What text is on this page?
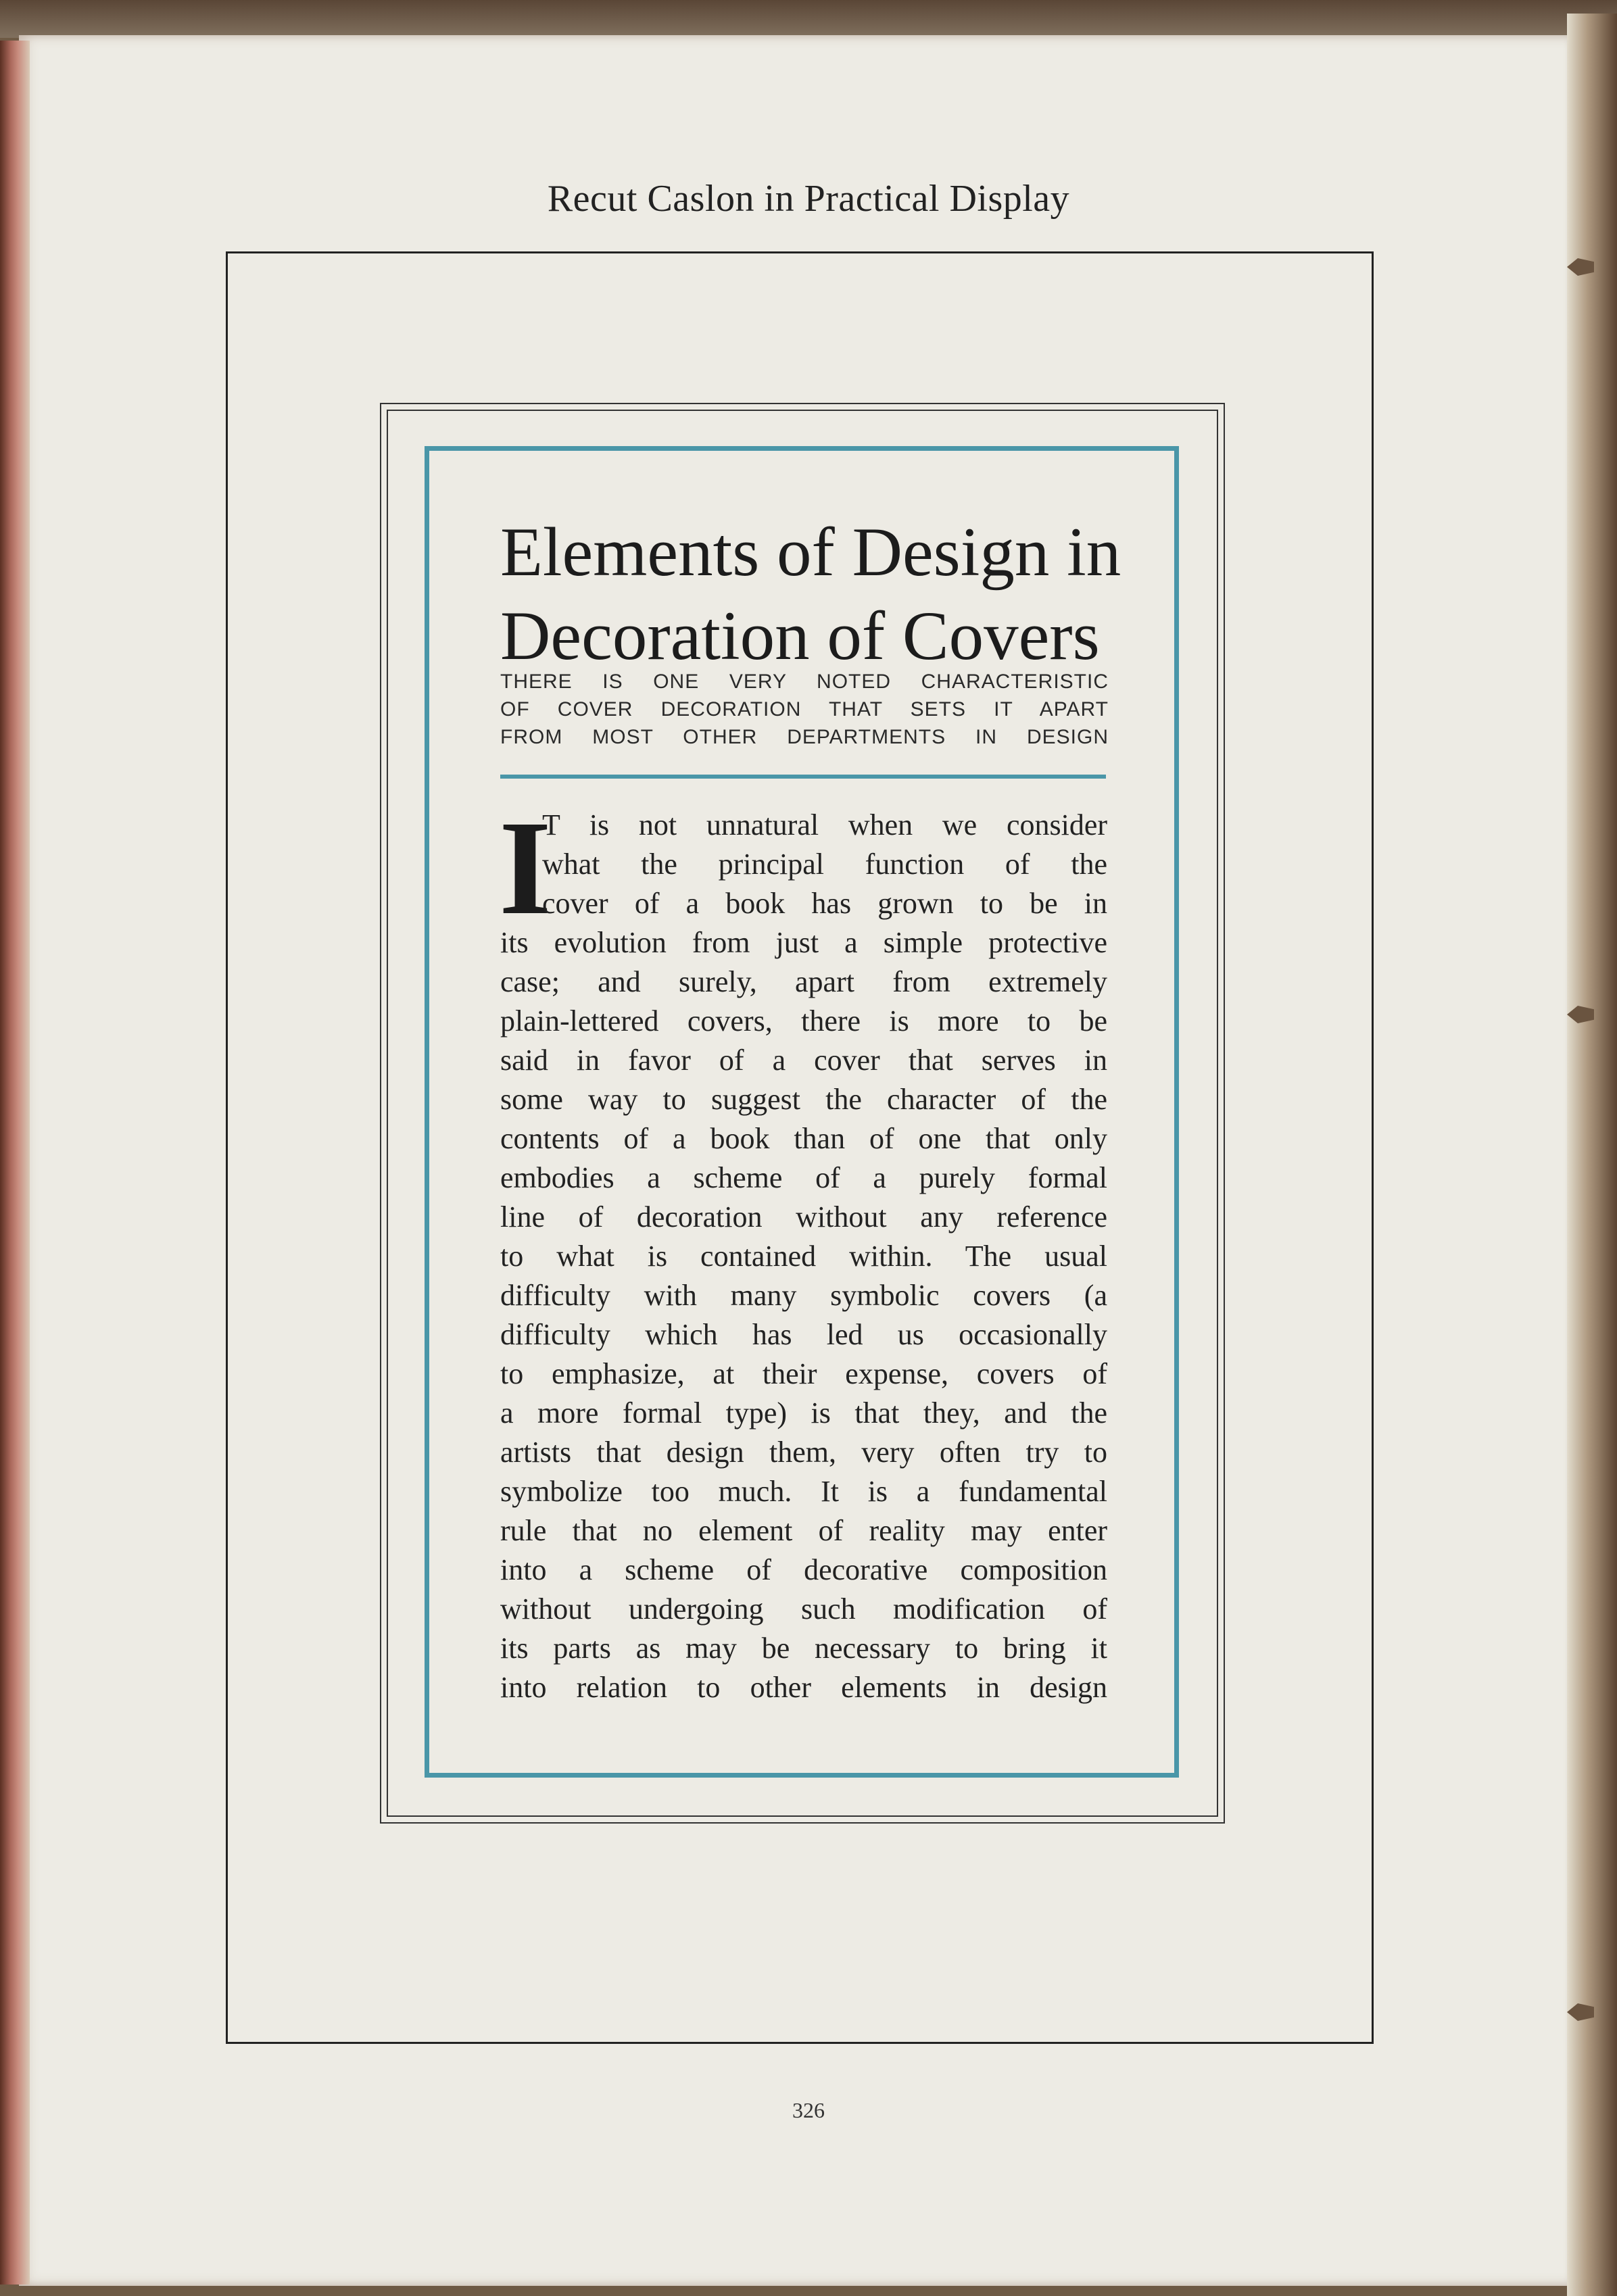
Recut Caslon in Practical Display
Elements of Design in
Decoration of Covers
THERE IS ONE VERY NOTED CHARACTERISTIC
OF COVER DECORATION THAT SETS IT APART
FROM MOST OTHER DEPARTMENTS IN DESIGN
I
T is not unnatural when we consider
what the principal function of the
cover of a book has grown to be in
its evolution from just a simple protective
case; and surely, apart from extremely
plain-lettered covers, there is more to be
said in favor of a cover that serves in
some way to suggest the character of the
contents of a book than of one that only
embodies a scheme of a purely formal
line of decoration without any reference
to what is contained within. The usual
difficulty with many symbolic covers (a
difficulty which has led us occasionally
to emphasize, at their expense, covers of
a more formal type) is that they, and the
artists that design them, very often try to
symbolize too much. It is a fundamental
rule that no element of reality may enter
into a scheme of decorative composition
without undergoing such modification of
its parts as may be necessary to bring it
into relation to other elements in design
326
